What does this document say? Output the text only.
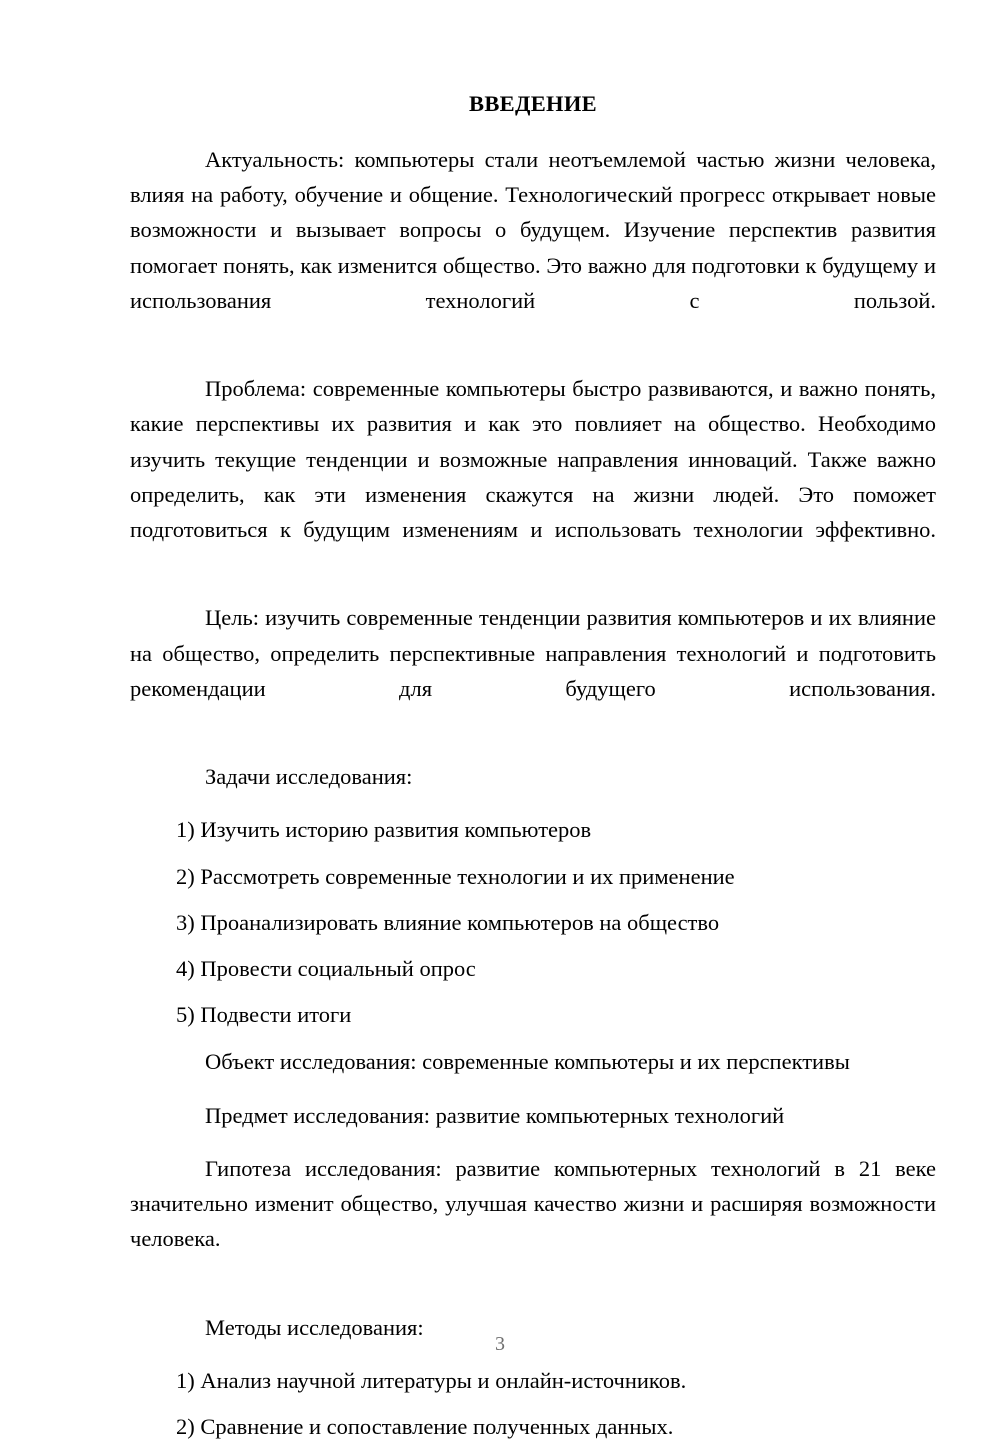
ВВЕДЕНИЕ

Актуальность: компьютеры стали неотъемлемой частью жизни человека, влияя на работу, обучение и общение. Технологический прогресс открывает новые возможности и вызывает вопросы о будущем. Изучение перспектив развития помогает понять, как изменится общество. Это важно для подготовки к будущему и использования технологий с пользой.

Проблема: современные компьютеры быстро развиваются, и важно понять, какие перспективы их развития и как это повлияет на общество. Необходимо изучить текущие тенденции и возможные направления инноваций. Также важно определить, как эти изменения скажутся на жизни людей. Это поможет подготовиться к будущим изменениям и использовать технологии эффективно.

Цель: изучить современные тенденции развития компьютеров и их влияние на общество, определить перспективные направления технологий и подготовить рекомендации для будущего использования.

Задачи исследования:

1) Изучить историю развития компьютеров
2) Рассмотреть современные технологии и их применение
3) Проанализировать влияние компьютеров на общество
4) Провести социальный опрос
5) Подвести итоги

Объект исследования: современные компьютеры и их перспективы

Предмет исследования: развитие компьютерных технологий

Гипотеза исследования: развитие компьютерных технологий в 21 веке значительно изменит общество, улучшая качество жизни и расширяя возможности человека.

Методы исследования:

1) Анализ научной литературы и онлайн-источников.
2) Сравнение и сопоставление полученных данных.
3
